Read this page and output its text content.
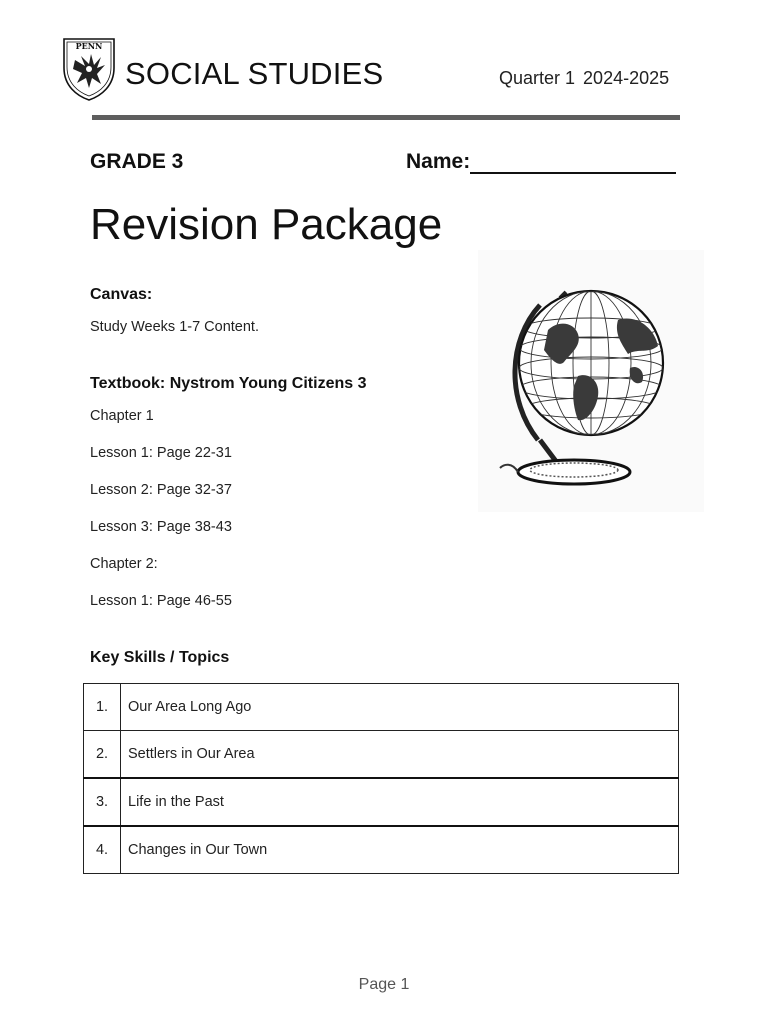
PENN
SOCIAL STUDIES	Quarter 1 2024-2025
GRADE 3	Name:
Revision Package
Canvas:
Study Weeks 1-7 Content.
Textbook: Nystrom Young Citizens 3
Chapter 1
Lesson 1: Page 22-31
Lesson 2: Page 32-37
Lesson 3: Page 38-43
Chapter 2:
Lesson 1: Page 46-55
Key Skills / Topics
1.	Our Area Long Ago
2.	Settlers in Our Area
3.	Life in the Past
4.	Changes in Our Town
Page 1
